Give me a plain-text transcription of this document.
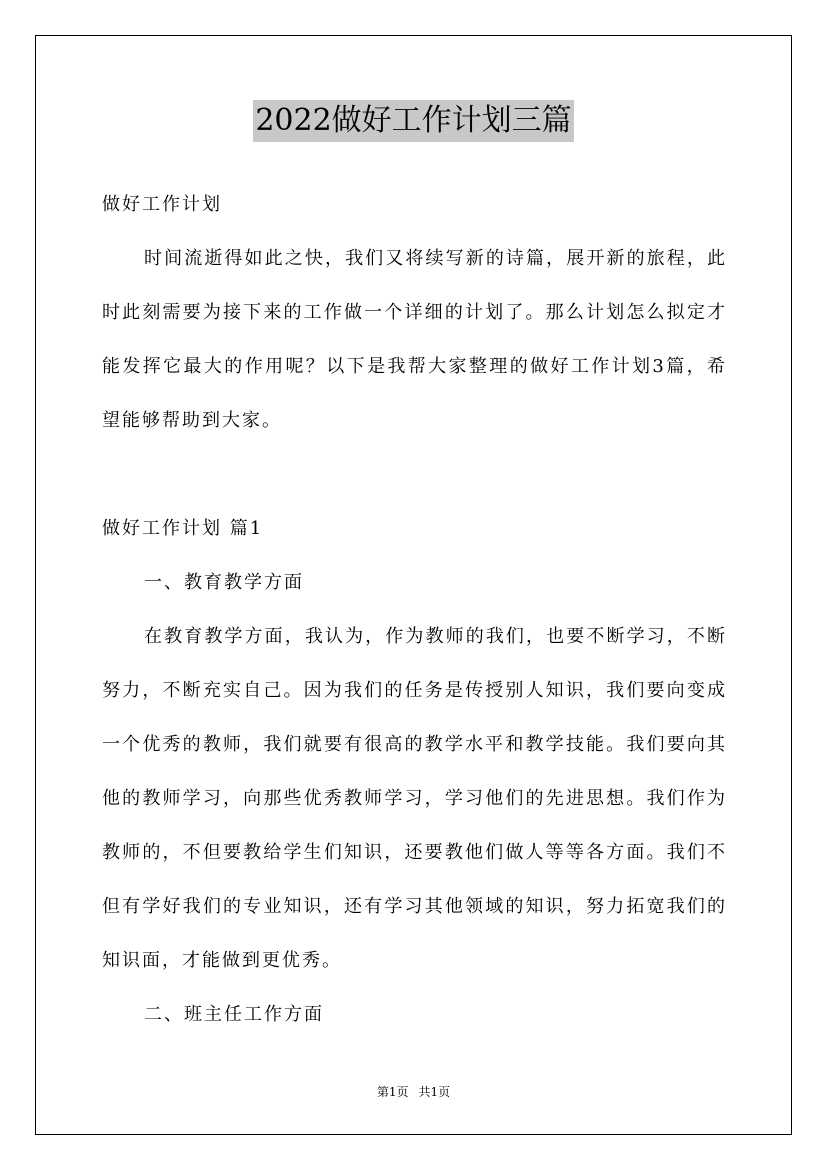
2022做好工作计划三篇

做好工作计划

时间流逝得如此之快，我们又将续写新的诗篇，展开新的旅程，此时此刻需要为接下来的工作做一个详细的计划了。那么计划怎么拟定才能发挥它最大的作用呢？以下是我帮大家整理的做好工作计划3篇，希望能够帮助到大家。

做好工作计划 篇1

一、教育教学方面

在教育教学方面，我认为，作为教师的我们，也要不断学习，不断努力，不断充实自己。因为我们的任务是传授别人知识，我们要向变成一个优秀的教师，我们就要有很高的教学水平和教学技能。我们要向其他的教师学习，向那些优秀教师学习，学习他们的先进思想。我们作为教师的，不但要教给学生们知识，还要教他们做人等等各方面。我们不但有学好我们的专业知识，还有学习其他领域的知识，努力拓宽我们的知识面，才能做到更优秀。

二、班主任工作方面

第1页 共1页
